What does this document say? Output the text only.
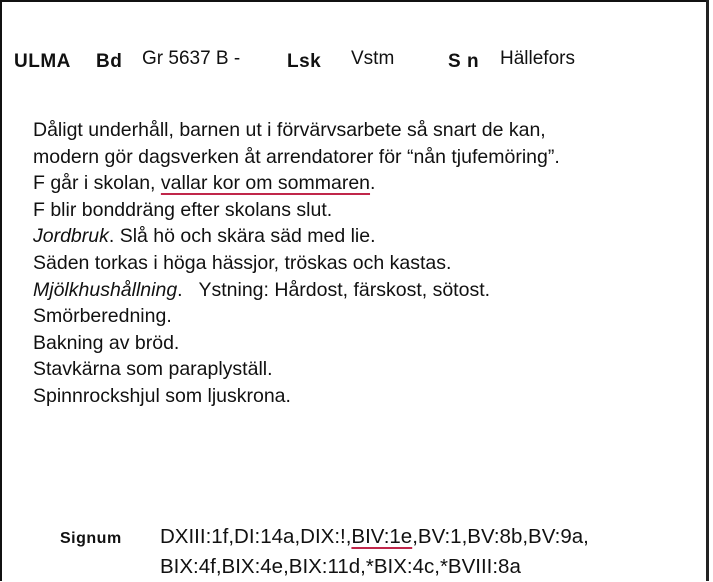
ULMA Bd Gr 5637 B - Lsk Vstm	S n Hällefors
Dåligt underhåll, barnen ut i förvärvsarbete så snart de kan,
modern gör dagsverken åt arrendatorer för “nån tjufemöring”.
F går i skolan, vallar kor om sommaren.
F blir bonddräng efter skolans slut.
Jordbruk. Slå hö och skära säd med lie.
Säden torkas i höga hässjor, tröskas och kastas.
Mjölkhushållning.   Ystning: Hårdost, färskost, sötost.
Smörberedning.
Bakning av bröd.
Stavkärna som paraplyställ.
Spinnrockshjul som ljuskrona.
Signum DXIII:1f,DI:14a,DIX:!,BIV:1e,BV:1,BV:8b,BV:9a,
BIX:4f,BIX:4e,BIX:11d,*BIX:4c,*BVIII:8a
